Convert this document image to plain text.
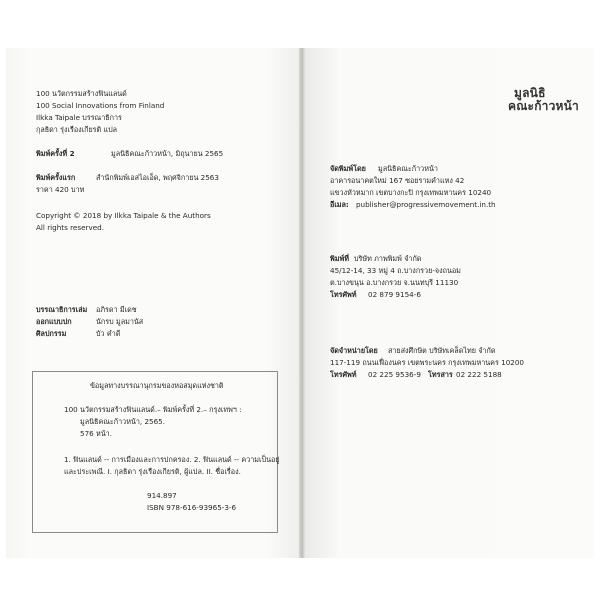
100 นวัตกรรมสร้างฟินแลนด์
100 Social Innovations from Finland
Ilkka Taipale บรรณาธิการ
กุลธิดา รุ่งเรืองเกียรติ แปล
พิมพ์ครั้งที่ 2	มูลนิธิคณะก้าวหน้า, มิถุนายน 2565
พิมพ์ครั้งแรก	สำนักพิมพ์เอสไอเอ็ด, พฤศจิกายน 2563
ราคา 420 บาท
Copyright © 2018 by Ilkka Taipale & the Authors
All rights reserved.
บรรณาธิการเล่ม อภิรดา มีเดช
ออกแบบปก	นักรบ มูลมานัส
ศิลปกรรม	บัว คำดี
ข้อมูลทางบรรณานุกรมของหอสมุดแห่งชาติ
100 นวัตกรรมสร้างฟินแลนด์.– พิมพ์ครั้งที่ 2.– กรุงเทพฯ :
มูลนิธิคณะก้าวหน้า, 2565.
576 หน้า.
1. ฟินแลนด์ -- การเมืองและการปกครอง. 2. ฟินแลนด์ -- ความเป็นอยู่
และประเพณี. I. กุลธิดา รุ่งเรืองเกียรติ, ผู้แปล. II. ชื่อเรื่อง.
914.897
ISBN 978-616-93965-3-6
มูลนิธิ
คณะก้าวหน้า
จัดพิมพ์โดย มูลนิธิคณะก้าวหน้า
อาคารอนาคตใหม่ 167 ซอยรามคำแหง 42
แขวงหัวหมาก เขตบางกะปิ กรุงเทพมหานคร 10240
อีเมล: publisher@progressivemovement.in.th
พิมพ์ที่ บริษัท ภาพพิมพ์ จำกัด
45/12-14, 33 หมู่ 4 ถ.บางกรวย-จงถนอม
ต.บางขนุน อ.บางกรวย จ.นนทบุรี 11130
โทรศัพท์ 02 879 9154-6
จัดจำหน่ายโดย สายส่งศึกษิต บริษัทเคล็ดไทย จำกัด
117-119 ถนนเฟื่องนคร เขตพระนคร กรุงเทพมหานคร 10200
โทรศัพท์ 02 225 9536-9 โทรสาร 02 222 5188
